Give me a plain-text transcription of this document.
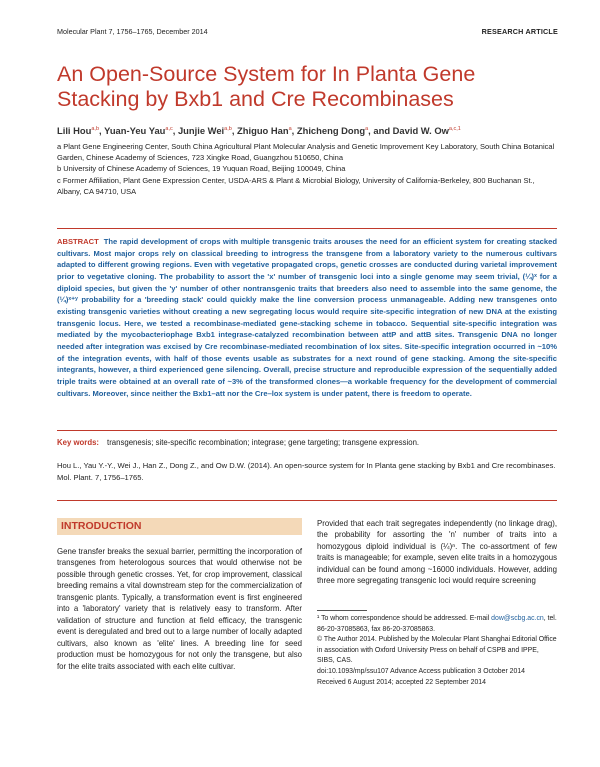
Molecular Plant 7, 1756–1765, December 2014	RESEARCH ARTICLE
An Open-Source System for In Planta Gene Stacking by Bxb1 and Cre Recombinases
Lili Hou$^{a,b}$, Yuan-Yeu Yau$^{a,c}$, Junjie Wei$^{a,b}$, Zhiguo Han$^a$, Zhicheng Dong$^a$, and David W. Ow$^{a,c,1}$

a Plant Gene Engineering Center, South China Agricultural Plant Molecular Analysis and Genetic Improvement Key Laboratory, South China Botanical Garden, Chinese Academy of Sciences, 723 Xingke Road, Guangzhou 510650, China

b University of Chinese Academy of Sciences, 19 Yuquan Road, Beijing 100049, China

c Former Affiliation, Plant Gene Expression Center, USDA-ARS & Plant & Microbial Biology, University of California-Berkeley, 800 Buchanan St., Albany, CA 94710, USA

ABSTRACT The rapid development of crops with multiple transgenic traits arouses the need for an efficient system for creating stacked cultivars. Most major crops rely on classical breeding to introgress the transgene from a laboratory variety to the numerous cultivars adapted to different growing regions. Even with vegetative propagated crops, genetic crosses are conducted during varietal improvement prior to vegetative cloning. The probability to assort the 'x' number of transgenic loci into a single genome may seem trivial, (¼)ˣ for a diploid species, but given the 'y' number of other nontransgenic traits that breeders also need to assemble into the same genome, the (¼)ˣ⁺ʸ probability for a 'breeding stack' could quickly make the line conversion process unmanageable. Adding new transgenes onto existing transgenic varieties without creating a new segregating locus would require site-specific integration of new DNA at the existing transgenic locus. Here, we tested a recombinase-mediated gene-stacking scheme in tobacco. Sequential site-specific integration was mediated by the mycobacteriophage Bxb1 integrase-catalyzed recombination between attP and attB sites. Transgenic DNA no longer needed after integration was excised by Cre recombinase-mediated recombination of lox sites. Site-specific integration occurred in ~10% of the integration events, with half of those events usable as substrates for a next round of gene stacking. Among the site-specific integrants, however, a third experienced gene silencing. Overall, precise structure and reproducible expression of the sequentially added triple traits were obtained at an overall rate of ~3% of the transformed clones—a workable frequency for the development of commercial cultivars. Moreover, since neither the Bxb1–att nor the Cre–lox system is under patent, there is freedom to operate.

Key words: transgenesis; site-specific recombination; integrase; gene targeting; transgene expression.

Hou L., Yau Y.-Y., Wei J., Han Z., Dong Z., and Ow D.W. (2014). An open-source system for In Planta gene stacking by Bxb1 and Cre recombinases. Mol. Plant. 7, 1756–1765.

INTRODUCTION

Gene transfer breaks the sexual barrier, permitting the incorporation of transgenes from heterologous sources that would otherwise not be possible through genetic crosses. Yet, for crop improvement, classical breeding remains a vital downstream step for the commercialization of transgenic plants. Typically, a transformation event is first engineered into a 'laboratory' variety that is relatively easy to transform. After validation of structure and function at field efficacy, the transgenic event is deregulated and bred out to a large number of locally adapted cultivars, also known as 'elite' lines. A breeding line for seed production must be homozygous for not only the transgene, but also for the elite traits associated with each elite cultivar.

Provided that each trait segregates independently (no linkage drag), the probability for assorting the 'n' number of traits into a homozygous diploid individual is (¼)ⁿ. The co-assortment of few traits is manageable; for example, seven elite traits in a homozygous individual can be found among ~16000 individuals. However, adding three more segregating transgenic loci would require screening

¹ To whom correspondence should be addressed. E-mail dow@scbg.ac.cn, tel. 86-20-37085863, fax 86-20-37085863.

© The Author 2014. Published by the Molecular Plant Shanghai Editorial Office in association with Oxford University Press on behalf of CSPB and IPPE, SIBS, CAS.

doi:10.1093/mp/ssu107 Advance Access publication 3 October 2014

Received 6 August 2014; accepted 22 September 2014
